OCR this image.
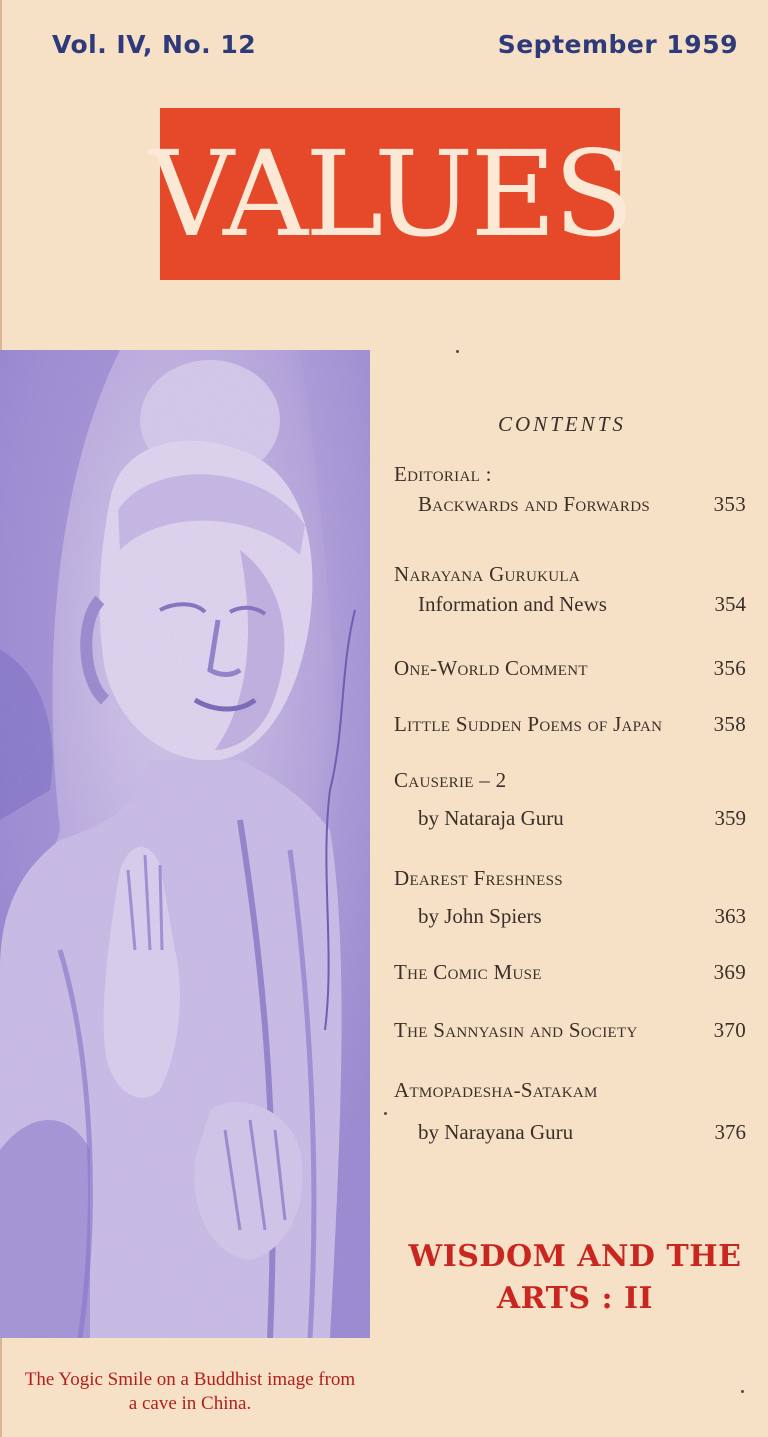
Vol. IV, No. 12	September 1959
VALUES
The Yogic Smile on a Buddhist image from
a cave in China.
CONTENTS
Editorial :
Backwards and Forwards	353
Narayana Gurukula
Information and News	354
One-World Comment	356
Little Sudden Poems of Japan 358
Causerie – 2
by Nataraja Guru	359
Dearest Freshness
by John Spiers	363
The Comic Muse	369
The Sannyasin and Society	370
Atmopadesha-Satakam
by Narayana Guru	376
WISDOM AND THE
ARTS : II
